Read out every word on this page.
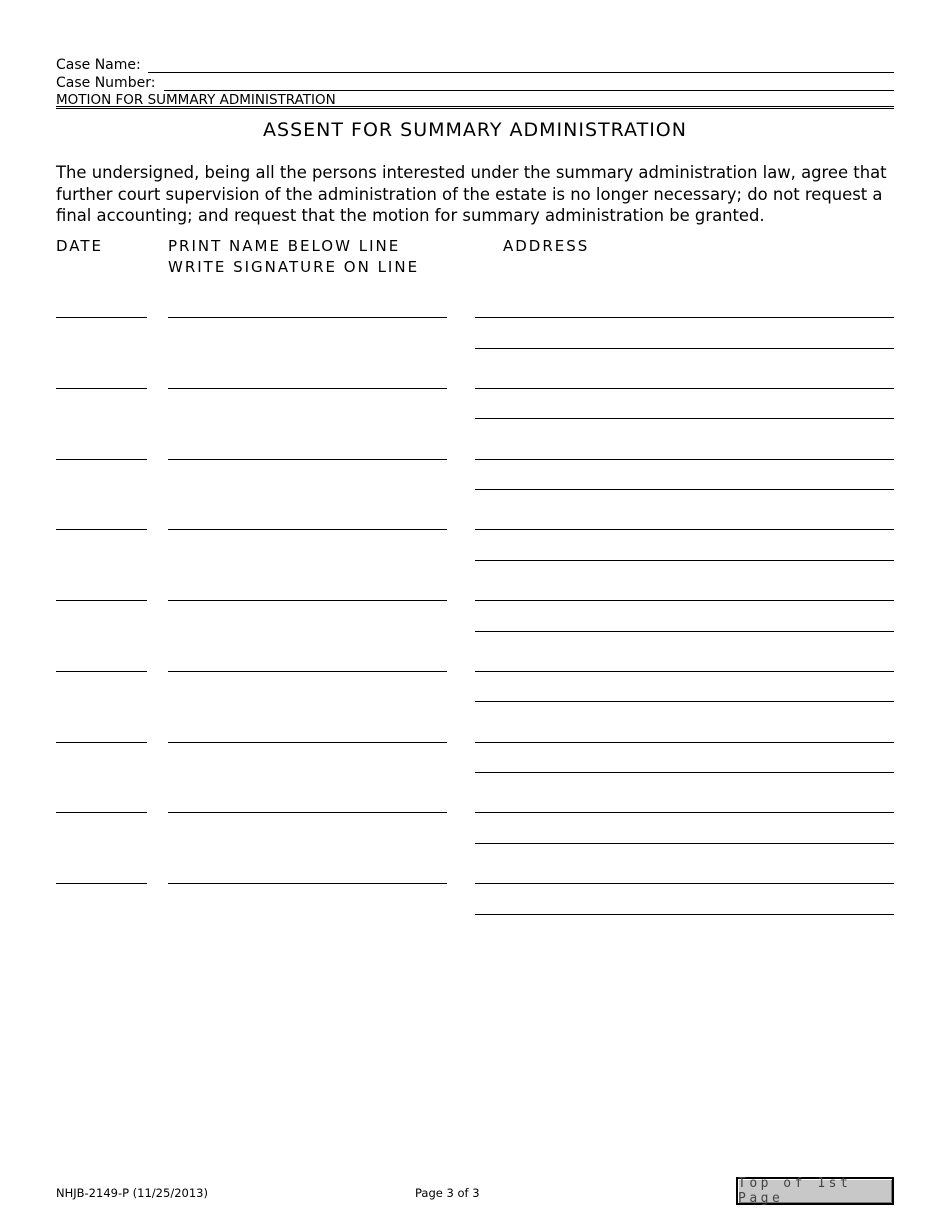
Case Name:
Case Number:
MOTION FOR SUMMARY ADMINISTRATION
ASSENT FOR SUMMARY ADMINISTRATION
The undersigned, being all the persons interested under the summary administration law, agree that further court supervision of the administration of the estate is no longer necessary; do not request a final accounting; and request that the motion for summary administration be granted.
DATE	PRINT NAME BELOW LINE
WRITE SIGNATURE ON LINE
ADDRESS
NHJB-2149-P (11/25/2013)	Page 3 of 3
Top of 1st Page
